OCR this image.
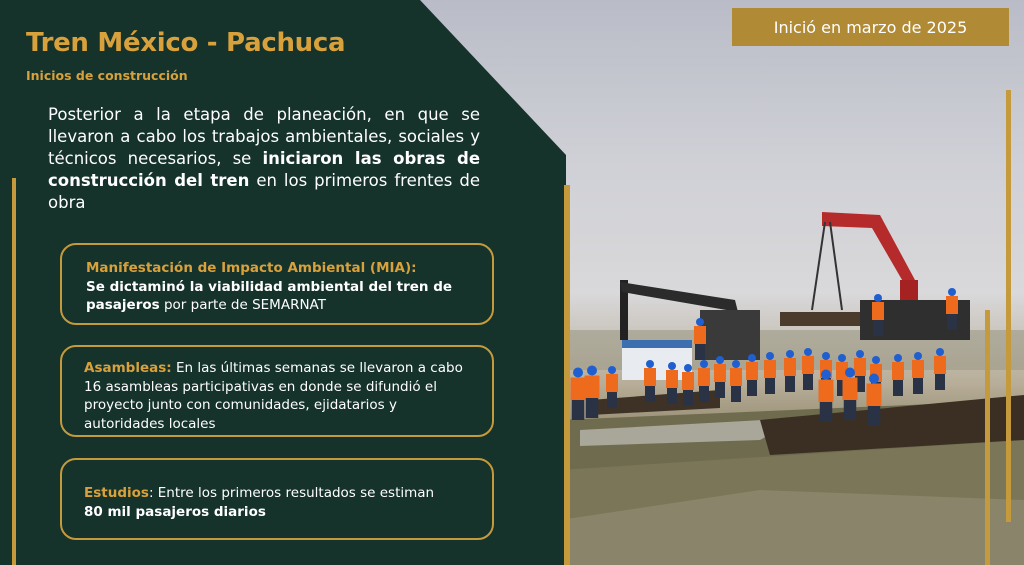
Tren México - Pachuca
Inicios de construcción
Posterior a la etapa de planeación, en que se llevaron a cabo los trabajos ambientales, sociales y técnicos necesarios, se iniciaron las obras de construcción del tren en los primeros frentes de obra
Manifestación de Impacto Ambiental (MIA):
Se dictaminó la viabilidad ambiental del tren de pasajeros por parte de SEMARNAT
Asambleas: En las últimas semanas se llevaron a cabo 16 asambleas participativas en donde se difundió el proyecto junto con comunidades, ejidatarios y autoridades locales
Estudios: Entre los primeros resultados se estiman
80 mil pasajeros diarios
Inició en marzo de 2025
